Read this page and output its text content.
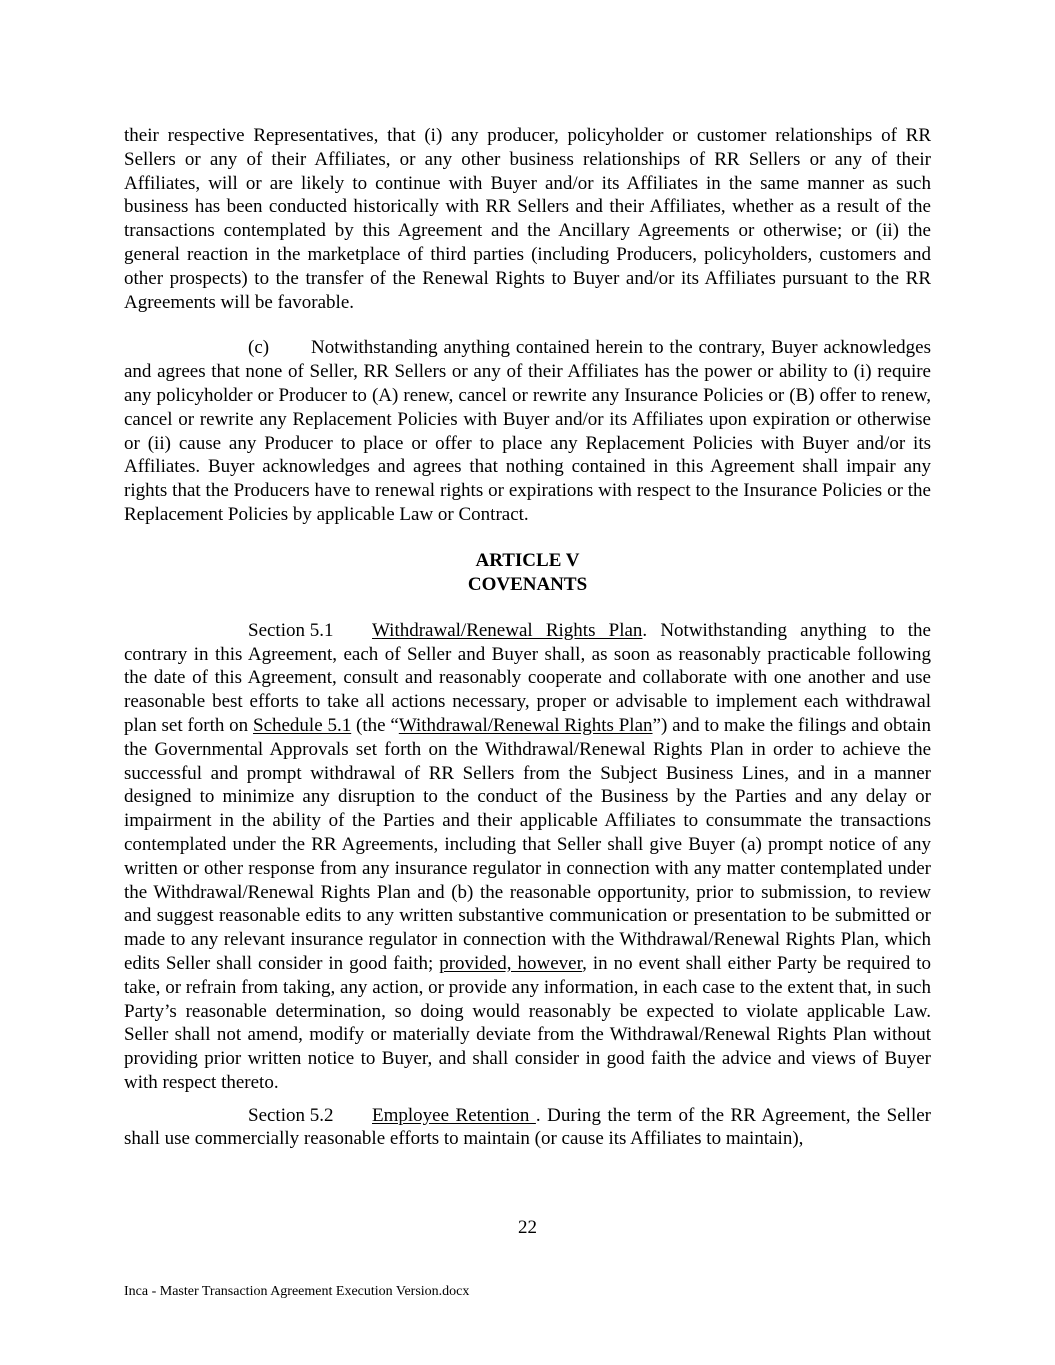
their respective Representatives, that (i) any producer, policyholder or customer relationships of RR Sellers or any of their Affiliates, or any other business relationships of RR Sellers or any of their Affiliates, will or are likely to continue with Buyer and/or its Affiliates in the same manner as such business has been conducted historically with RR Sellers and their Affiliates, whether as a result of the transactions contemplated by this Agreement and the Ancillary Agreements or otherwise; or (ii) the general reaction in the marketplace of third parties (including Producers, policyholders, customers and other prospects) to the transfer of the Renewal Rights to Buyer and/or its Affiliates pursuant to the RR Agreements will be favorable.

(c) Notwithstanding anything contained herein to the contrary, Buyer acknowledges and agrees that none of Seller, RR Sellers or any of their Affiliates has the power or ability to (i) require any policyholder or Producer to (A) renew, cancel or rewrite any Insurance Policies or (B) offer to renew, cancel or rewrite any Replacement Policies with Buyer and/or its Affiliates upon expiration or otherwise or (ii) cause any Producer to place or offer to place any Replacement Policies with Buyer and/or its Affiliates. Buyer acknowledges and agrees that nothing contained in this Agreement shall impair any rights that the Producers have to renewal rights or expirations with respect to the Insurance Policies or the Replacement Policies by applicable Law or Contract.

ARTICLE V
COVENANTS

Section 5.1 Withdrawal/Renewal Rights Plan. Notwithstanding anything to the contrary in this Agreement, each of Seller and Buyer shall, as soon as reasonably practicable following the date of this Agreement, consult and reasonably cooperate and collaborate with one another and use reasonable best efforts to take all actions necessary, proper or advisable to implement each withdrawal plan set forth on Schedule 5.1 (the “Withdrawal/Renewal Rights Plan”) and to make the filings and obtain the Governmental Approvals set forth on the Withdrawal/Renewal Rights Plan in order to achieve the successful and prompt withdrawal of RR Sellers from the Subject Business Lines, and in a manner designed to minimize any disruption to the conduct of the Business by the Parties and any delay or impairment in the ability of the Parties and their applicable Affiliates to consummate the transactions contemplated under the RR Agreements, including that Seller shall give Buyer (a) prompt notice of any written or other response from any insurance regulator in connection with any matter contemplated under the Withdrawal/Renewal Rights Plan and (b) the reasonable opportunity, prior to submission, to review and suggest reasonable edits to any written substantive communication or presentation to be submitted or made to any relevant insurance regulator in connection with the Withdrawal/Renewal Rights Plan, which edits Seller shall consider in good faith; provided, however, in no event shall either Party be required to take, or refrain from taking, any action, or provide any information, in each case to the extent that, in such Party’s reasonable determination, so doing would reasonably be expected to violate applicable Law. Seller shall not amend, modify or materially deviate from the Withdrawal/Renewal Rights Plan without providing prior written notice to Buyer, and shall consider in good faith the advice and views of Buyer with respect thereto.

Section 5.2 Employee Retention . During the term of the RR Agreement, the Seller shall use commercially reasonable efforts to maintain (or cause its Affiliates to maintain),

22
Inca - Master Transaction Agreement Execution Version.docx
